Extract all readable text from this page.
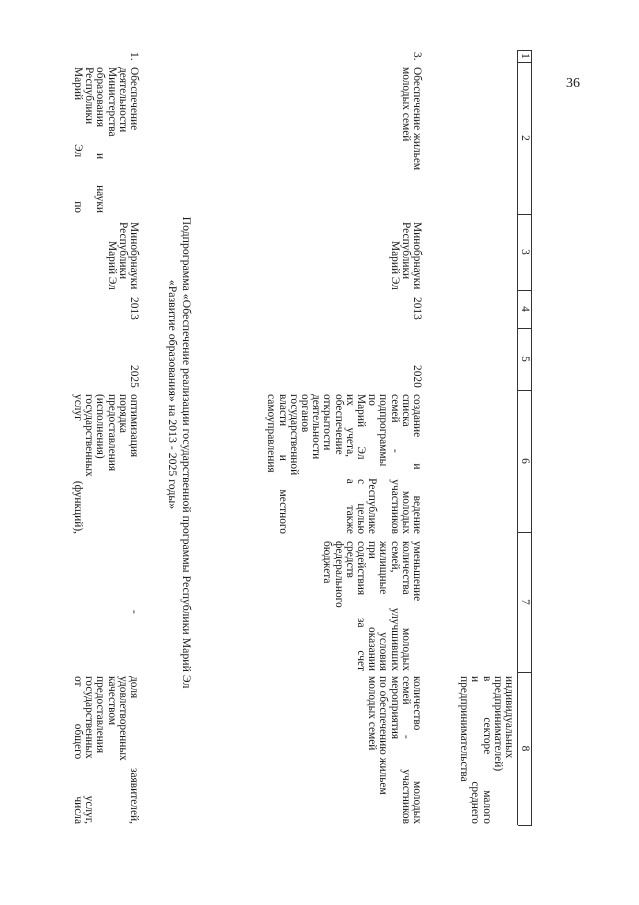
36
1
2
3
4
5
6
7
8
индивидуальных
предпринимателей)
в
секторе
малого
и
среднего
предпринимательства
3.
Обеспечение жильем
молодых семей
Минобрнауки
Республики
Марий Эл
2013
2020
создание
и
ведение
списка
молодых
семей
-
участников
подпрограммы
по
Республике
Марий
Эл
с
целью
их
учета,
а
также
обеспечение
открытости
деятельности
органов
государственной
власти
и
местного
самоуправления
уменьшение
количества
молодых
семей,
улучшивших
жилищные
условия
при
оказании
содействия
за
счет
средств
федерального
бюджета
количество
молодых
семей
-
участников
мероприятия
по обеспечению жильем
молодых семей
Подпрограмма «Обеспечение реализации государственной программы Республики Марий Эл
«Развитие образования» на 2013 - 2025 годы»
1.
Обеспечение
деятельности
Министерства
образования
и
науки
Республики
Марий
Эл
по
Минобрнауки
Республики
Марий Эл
2013
2025
оптимизация
порядка
предоставления
(исполнения)
государственных
услуг
(функций),
-
доля
заявителей,
удовлетворенных
качеством
предоставления
государственных
услуг,
от
общего
числа
